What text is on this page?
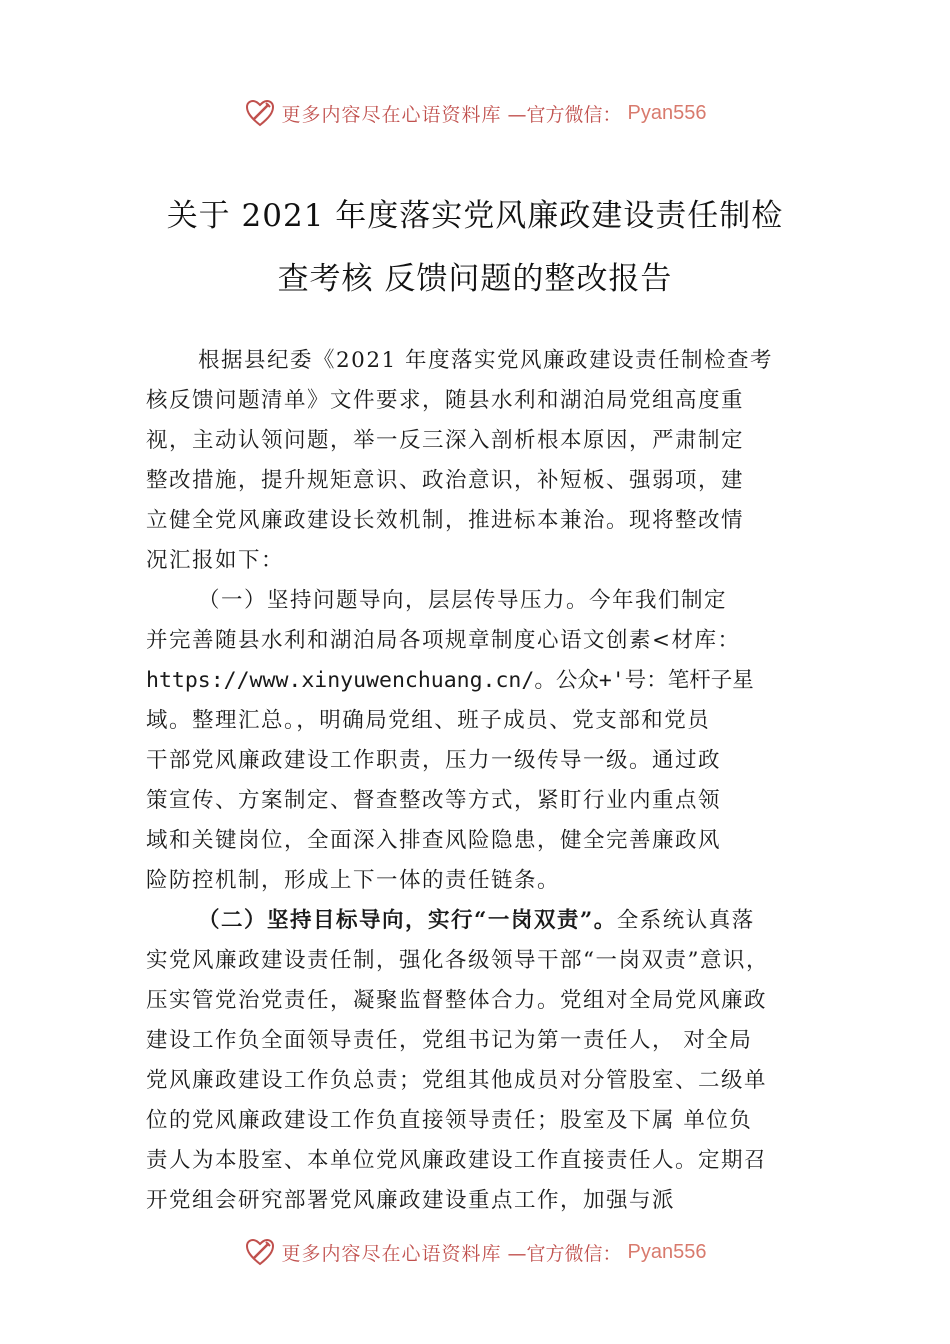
更多内容尽在心语资料库 —官方微信： Pyan556
关于 2021 年度落实党风廉政建设责任制检
查考核 反馈问题的整改报告

根据县纪委《2021 年度落实党风廉政建设责任制检查考

核反馈问题清单》文件要求，随县水利和湖泊局党组高度重

视，主动认领问题，举一反三深入剖析根本原因，严肃制定

整改措施，提升规矩意识、政治意识，补短板、强弱项，建

立健全党风廉政建设长效机制，推进标本兼治。现将整改情

况汇报如下：

（一）坚持问题导向，层层传导压力。今年我们制定

并完善随县水利和湖泊局各项规章制度心语文创素<材库：

https://www.xinyuwenchuang.cn/。公众+'号：笔杆子星

域。整理汇总。，明确局党组、班子成员、党支部和党员

干部党风廉政建设工作职责，压力一级传导一级。通过政

策宣传、方案制定、督查整改等方式，紧盯行业内重点领

域和关键岗位，全面深入排查风险隐患，健全完善廉政风

险防控机制，形成上下一体的责任链条。

（二）坚持目标导向，实行“一岗双责”。全系统认真落

实党风廉政建设责任制，强化各级领导干部“一岗双责”意识，

压实管党治党责任，凝聚监督整体合力。党组对全局党风廉政

建设工作负全面领导责任，党组书记为第一责任人， 对全局

党风廉政建设工作负总责；党组其他成员对分管股室、二级单

位的党风廉政建设工作负直接领导责任；股室及下属 单位负

责人为本股室、本单位党风廉政建设工作直接责任人。定期召

开党组会研究部署党风廉政建设重点工作，加强与派

更多内容尽在心语资料库 —官方微信： Pyan556
